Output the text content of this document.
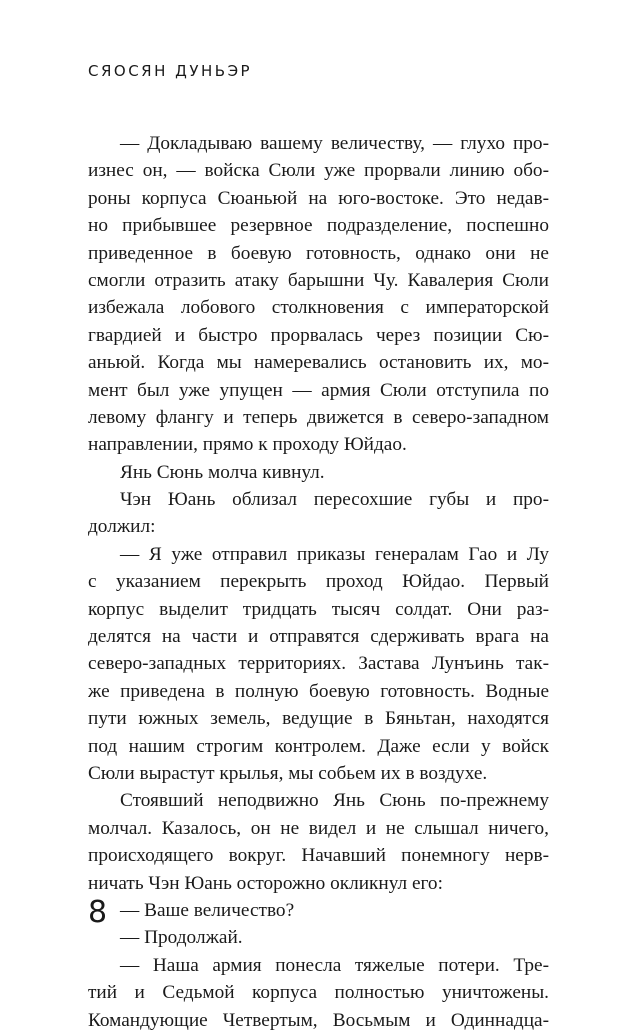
СЯОСЯН ДУНЬЭР
— Докладываю вашему величеству, — глухо про-
изнес он, — войска Сюли уже прорвали линию обо-
роны корпуса Сюаньюй на юго-востоке. Это недав-
но прибывшее резервное подразделение, поспешно
приведенное в боевую готовность, однако они не
смогли отразить атаку барышни Чу. Кавалерия Сюли
избежала лобового столкновения с императорской
гвардией и быстро прорвалась через позиции Сю-
аньюй. Когда мы намеревались остановить их, мо-
мент был уже упущен — армия Сюли отступила по
левому флангу и теперь движется в северо-западном
направлении, прямо к проходу Юйдао.
Янь Сюнь молча кивнул.
Чэн Юань облизал пересохшие губы и про-
должил:
— Я уже отправил приказы генералам Гао и Лу
с указанием перекрыть проход Юйдао. Первый
корпус выделит тридцать тысяч солдат. Они раз-
делятся на части и отправятся сдерживать врага на
северо-западных территориях. Застава Лунъинь так-
же приведена в полную боевую готовность. Водные
пути южных земель, ведущие в Бяньтан, находятся
под нашим строгим контролем. Даже если у войск
Сюли вырастут крылья, мы собьем их в воздухе.
Стоявший неподвижно Янь Сюнь по-прежнему
молчал. Казалось, он не видел и не слышал ничего,
происходящего вокруг. Начавший понемногу нерв-
ничать Чэн Юань осторожно окликнул его:
— Ваше величество?
— Продолжай.
— Наша армия понесла тяжелые потери. Тре-
тий и Седьмой корпуса полностью уничтожены.
Командующие Четвертым, Восьмым и Одиннадца-
8
